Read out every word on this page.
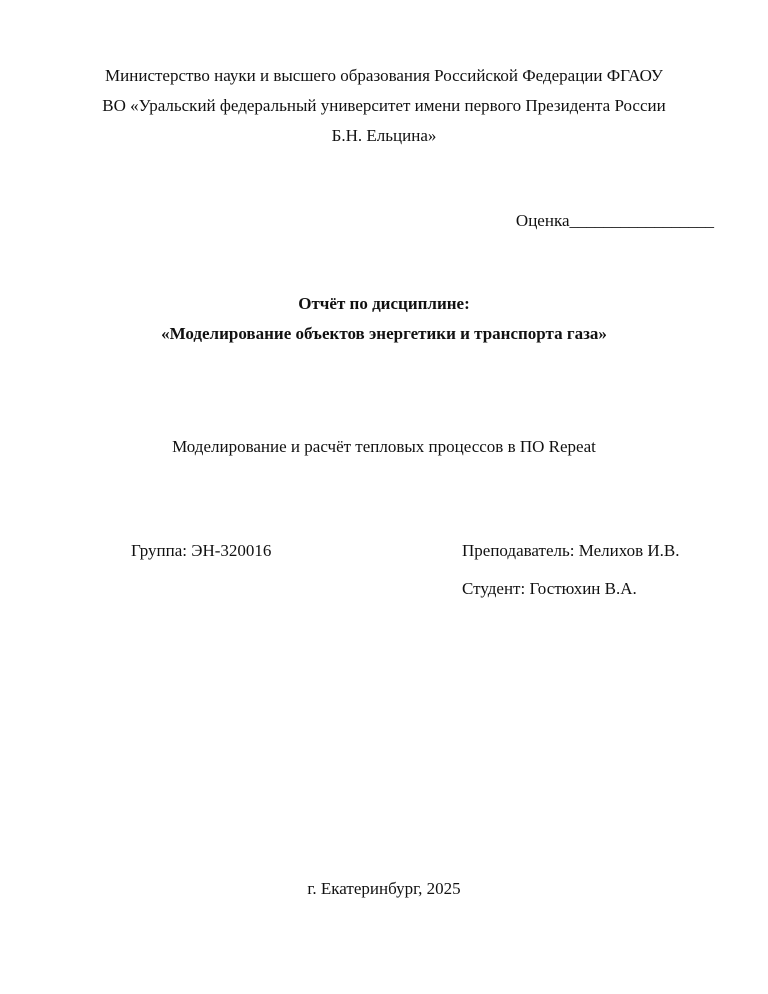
Министерство науки и высшего образования Российской Федерации ФГАОУ
ВО «Уральский федеральный университет имени первого Президента России
Б.Н. Ельцина»
Оценка_________________
Отчёт по дисциплине:
«Моделирование объектов энергетики и транспорта газа»
Моделирование и расчёт тепловых процессов в ПО Repeat
Группа: ЭН-320016	Преподаватель: Мелихов И.В.
Студент: Гостюхин В.А.
г. Екатеринбург, 2025
